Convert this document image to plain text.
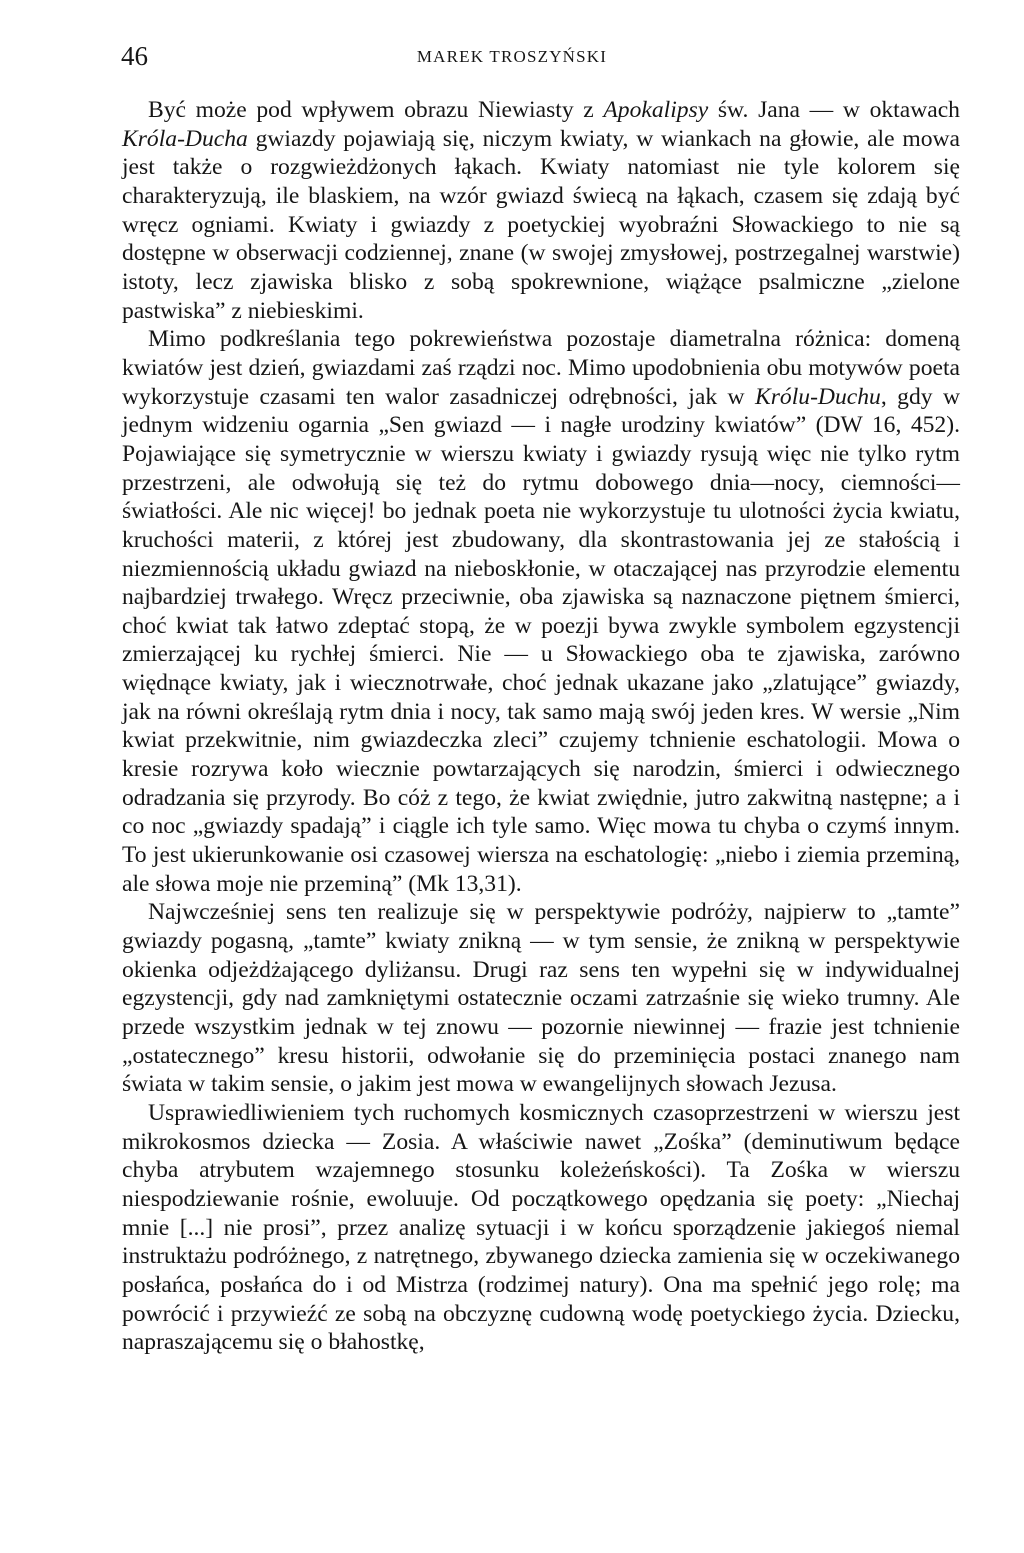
46	MAREK TROSZYŃSKI

Być może pod wpływem obrazu Niewiasty z Apokalipsy św. Jana — w oktawach Króla-Ducha gwiazdy pojawiają się, niczym kwiaty, w wiankach na głowie, ale mowa jest także o rozgwieżdżonych łąkach. Kwiaty natomiast nie tyle kolorem się charakteryzują, ile blaskiem, na wzór gwiazd świecą na łąkach, czasem się zdają być wręcz ogniami. Kwiaty i gwiazdy z poetyckiej wyobraźni Słowackiego to nie są dostępne w obserwacji codziennej, znane (w swojej zmysłowej, postrzegalnej warstwie) istoty, lecz zjawiska blisko z sobą spokrewnione, wiążące psalmiczne „zielone pastwiska” z niebieskimi.

Mimo podkreślania tego pokrewieństwa pozostaje diametralna różnica: domeną kwiatów jest dzień, gwiazdami zaś rządzi noc. Mimo upodobnienia obu motywów poeta wykorzystuje czasami ten walor zasadniczej odrębności, jak w Królu-Duchu, gdy w jednym widzeniu ogarnia „Sen gwiazd — i nagłe urodziny kwiatów” (DW 16, 452). Pojawiające się symetrycznie w wierszu kwiaty i gwiazdy rysują więc nie tylko rytm przestrzeni, ale odwołują się też do rytmu dobowego dnia—nocy, ciemności—światłości. Ale nic więcej! bo jednak poeta nie wykorzystuje tu ulotności życia kwiatu, kruchości materii, z której jest zbudowany, dla skontrastowania jej ze stałością i niezmiennością układu gwiazd na nieboskłonie, w otaczającej nas przyrodzie elementu najbardziej trwałego. Wręcz przeciwnie, oba zjawiska są naznaczone piętnem śmierci, choć kwiat tak łatwo zdeptać stopą, że w poezji bywa zwykle symbolem egzystencji zmierzającej ku rychłej śmierci. Nie — u Słowackiego oba te zjawiska, zarówno więdnące kwiaty, jak i wiecznotrwałe, choć jednak ukazane jako „zlatujące” gwiazdy, jak na równi określają rytm dnia i nocy, tak samo mają swój jeden kres. W wersie „Nim kwiat przekwitnie, nim gwiazdeczka zleci” czujemy tchnienie eschatologii. Mowa o kresie rozrywa koło wiecznie powtarzających się narodzin, śmierci i odwiecznego odradzania się przyrody. Bo cóż z tego, że kwiat zwiędnie, jutro zakwitną następne; a i co noc „gwiazdy spadają” i ciągle ich tyle samo. Więc mowa tu chyba o czymś innym. To jest ukierunkowanie osi czasowej wiersza na eschatologię: „niebo i ziemia przeminą, ale słowa moje nie przeminą” (Mk 13,31).

Najwcześniej sens ten realizuje się w perspektywie podróży, najpierw to „tamte” gwiazdy pogasną, „tamte” kwiaty znikną — w tym sensie, że znikną w perspektywie okienka odjeżdżającego dyliżansu. Drugi raz sens ten wypełni się w indywidualnej egzystencji, gdy nad zamkniętymi ostatecznie oczami zatrzaśnie się wieko trumny. Ale przede wszystkim jednak w tej znowu — pozornie niewinnej — frazie jest tchnienie „ostatecznego” kresu historii, odwołanie się do przeminięcia postaci znanego nam świata w takim sensie, o jakim jest mowa w ewangelijnych słowach Jezusa.

Usprawiedliwieniem tych ruchomych kosmicznych czasoprzestrzeni w wierszu jest mikrokosmos dziecka — Zosia. A właściwie nawet „Zośka” (deminutiwum będące chyba atrybutem wzajemnego stosunku koleżeńskości). Ta Zośka w wierszu niespodziewanie rośnie, ewoluuje. Od początkowego opędzania się poety: „Niechaj mnie [...] nie prosi”, przez analizę sytuacji i w końcu sporządzenie jakiegoś niemal instruktażu podróżnego, z natrętnego, zbywanego dziecka zamienia się w oczekiwanego posłańca, posłańca do i od Mistrza (rodzimej natury). Ona ma spełnić jego rolę; ma powrócić i przywieźć ze sobą na obczyznę cudowną wodę poetyckiego życia. Dziecku, napraszającemu się o błahostkę,
